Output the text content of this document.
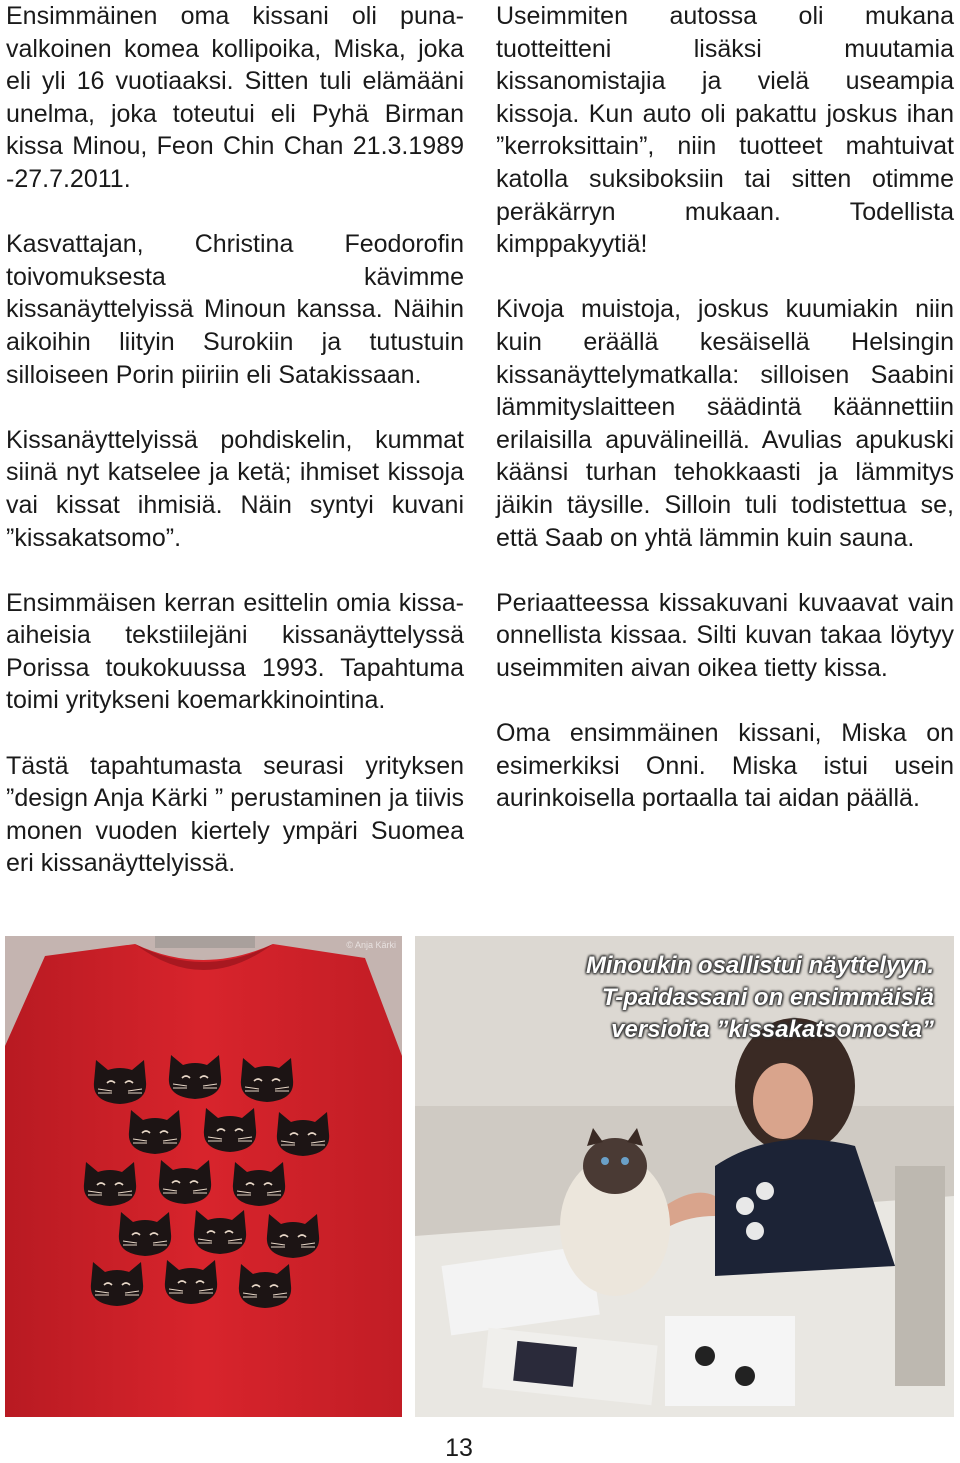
Ensimmäinen oma kissani oli puna-valkoinen komea kollipoika, Miska, joka eli yli 16 vuotiaaksi. Sitten tuli elämääni unelma, joka toteutui eli Pyhä Birman kissa Minou, Feon Chin Chan 21.3.1989 -27.7.2011.

Kasvattajan, Christina Feodorofin toivomuksesta kävimme kissanäyttelyissä Minoun kanssa. Näihin aikoihin liityin Surokiin ja tutustuin silloiseen Porin piiriin eli Satakissaan.

Kissanäyttelyissä pohdiskelin, kummat siinä nyt katselee ja ketä; ihmiset kissoja vai kissat ihmisiä. Näin syntyi kuvani ”kissakatsomo”.

Ensimmäisen kerran esittelin omia kissa-aiheisia tekstiilejäni kissanäyttelyssä Porissa toukokuussa 1993. Tapahtuma toimi yritykseni koemarkkinointina.

Tästä tapahtumasta seurasi yrityksen ”design Anja Kärki ” perustaminen ja tiivis monen vuoden kiertely ympäri Suomea eri kissanäyttelyissä.

Useimmiten autossa oli mukana tuotteitteni lisäksi muutamia kissanomistajia ja vielä useampia kissoja. Kun auto oli pakattu joskus ihan ”kerroksittain”, niin tuotteet mahtuivat katolla suksiboksiin tai sitten otimme peräkärryn mukaan. Todellista kimppakyytiä!

Kivoja muistoja, joskus kuumiakin niin kuin eräällä kesäisellä Helsingin kissanäyttelymatkalla: silloisen Saabini lämmityslaitteen säädintä käännettiin erilaisilla apuvälineillä. Avulias apukuski käänsi turhan tehokkaasti ja lämmitys jäikin täysille. Silloin tuli todistettua se, että Saab on yhtä lämmin kuin sauna.

Periaatteessa kissakuvani kuvaavat vain onnellista kissaa. Silti kuvan takaa löytyy useimmiten aivan oikea tietty kissa.

Oma ensimmäinen kissani, Miska on esimerkiksi Onni. Miska istui usein aurinkoisella portaalla tai aidan päällä.

© Anja Kärki
Minoukin osallistui näyttelyyn.
T-paidassani on ensimmäisiä
versioita ”kissakatsomosta”
13
